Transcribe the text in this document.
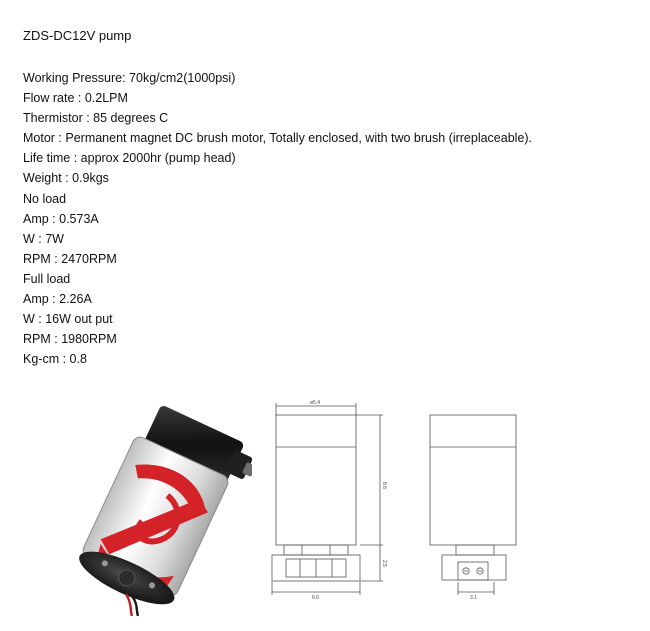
ZDS-DC12V pump
Working Pressure: 70kg/cm2(1000psi)
Flow rate : 0.2LPM
Thermistor : 85 degrees C
Motor : Permanent magnet DC brush motor, Totally enclosed, with two brush (irreplaceable).
Life time : approx 2000hr (pump head)
Weight : 0.9kgs
No load
Amp : 0.573A
W : 7W
RPM : 2470RPM
Full load
Amp : 2.26A
W : 16W out put
RPM : 1980RPM
Kg-cm : 0.8
ø5.4
6.0
8.6
2.5
3.1
